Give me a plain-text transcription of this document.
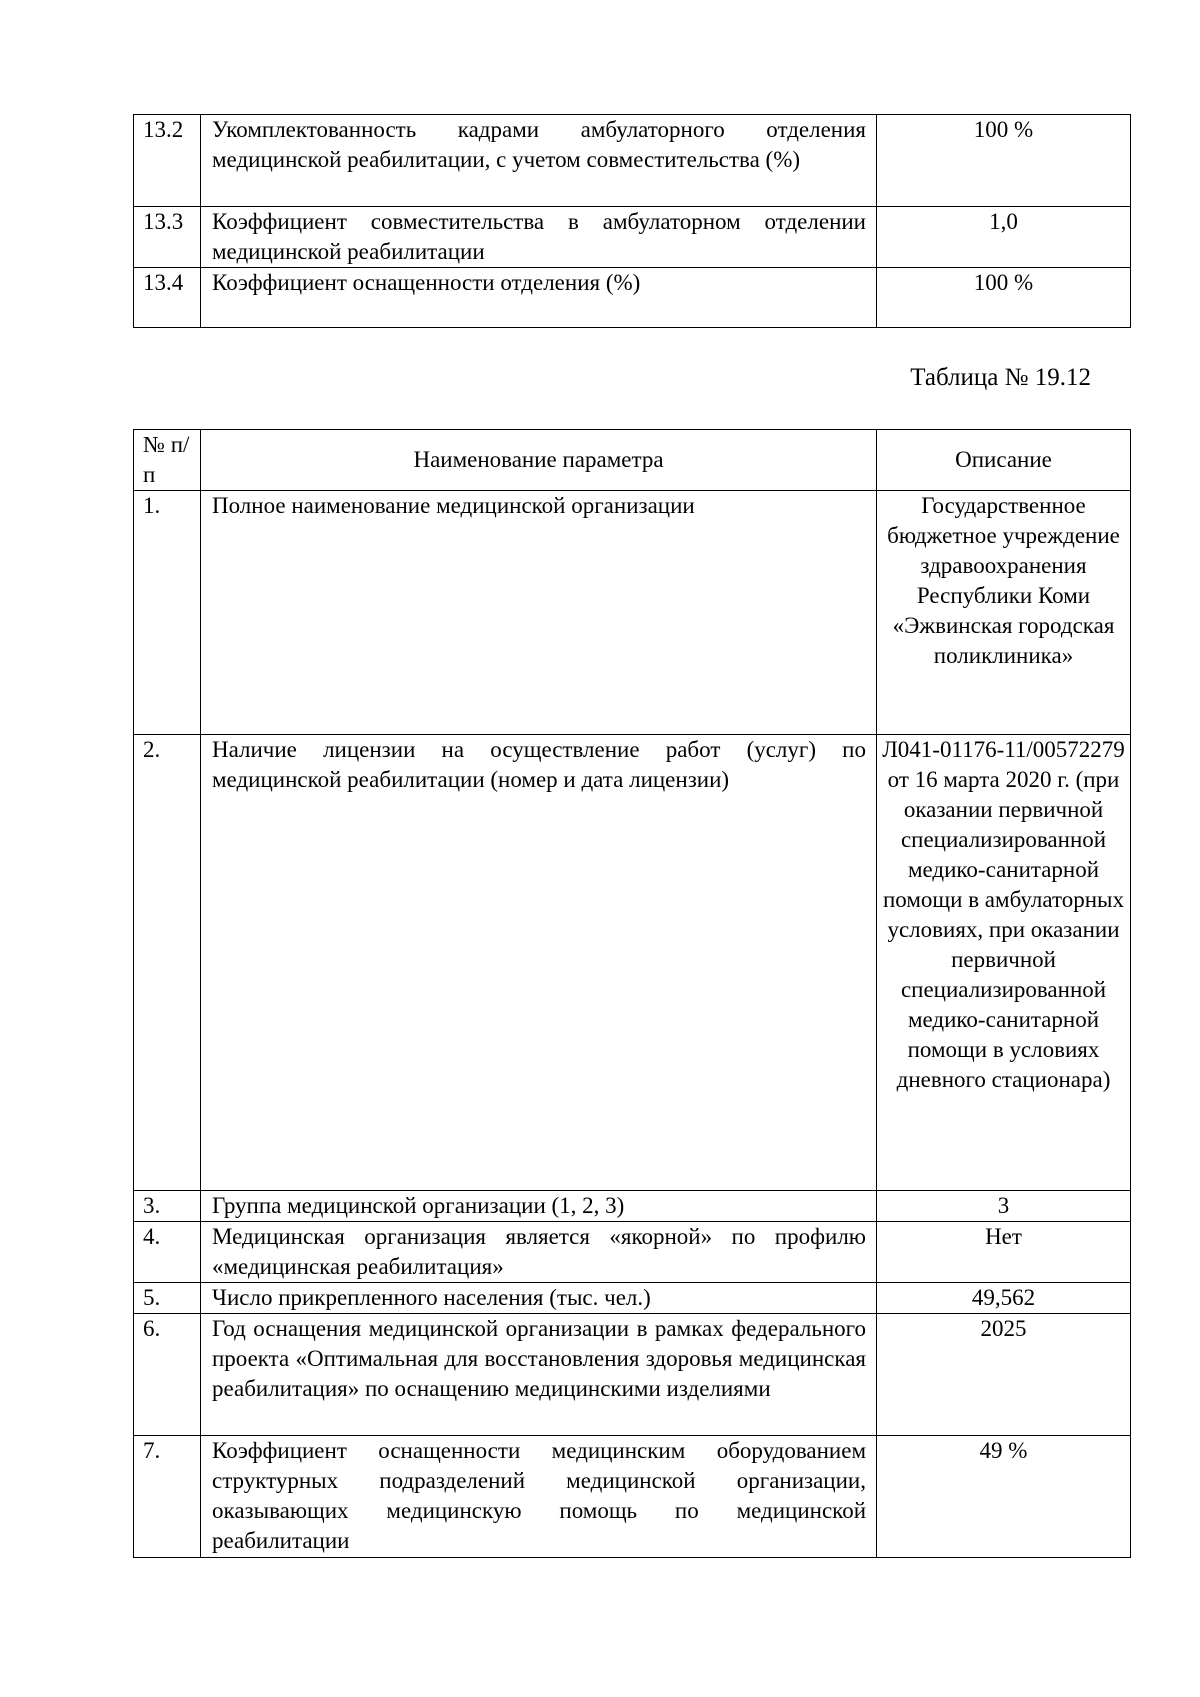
13.2	Укомплектованность кадрами амбулаторного отделения медицинской реабилитации, с учетом совместительства (%)	100 %
13.3	Коэффициент совместительства в амбулаторном отделении медицинской реабилитации	1,0
13.4	Коэффициент оснащенности отделения (%)	100 %
Таблица № 19.12
№ п/п	Наименование параметра	Описание
1.	Полное наименование медицинской организации	Государственное бюджетное учреждение здравоохранения Республики Коми «Эжвинская городская поликлиника»
2.	Наличие лицензии на осуществление работ (услуг) по медицинской реабилитации (номер и дата лицензии)	Л041-01176-11/00572279 от 16 марта 2020 г. (при оказании первичной специализированной медико-санитарной помощи в амбулаторных условиях, при оказании первичной специализированной медико-санитарной помощи в условиях дневного стационара)
3.	Группа медицинской организации (1, 2, 3)	3
4.	Медицинская организация является «якорной» по профилю «медицинская реабилитация»	Нет
5.	Число прикрепленного населения (тыс. чел.)	49,562
6.	Год оснащения медицинской организации в рамках федерального проекта «Оптимальная для восстановления здоровья медицинская реабилитация» по оснащению медицинскими изделиями	2025
7.	Коэффициент оснащенности медицинским оборудованием структурных подразделений медицинской организации, оказывающих медицинскую помощь по медицинской реабилитации	49 %
